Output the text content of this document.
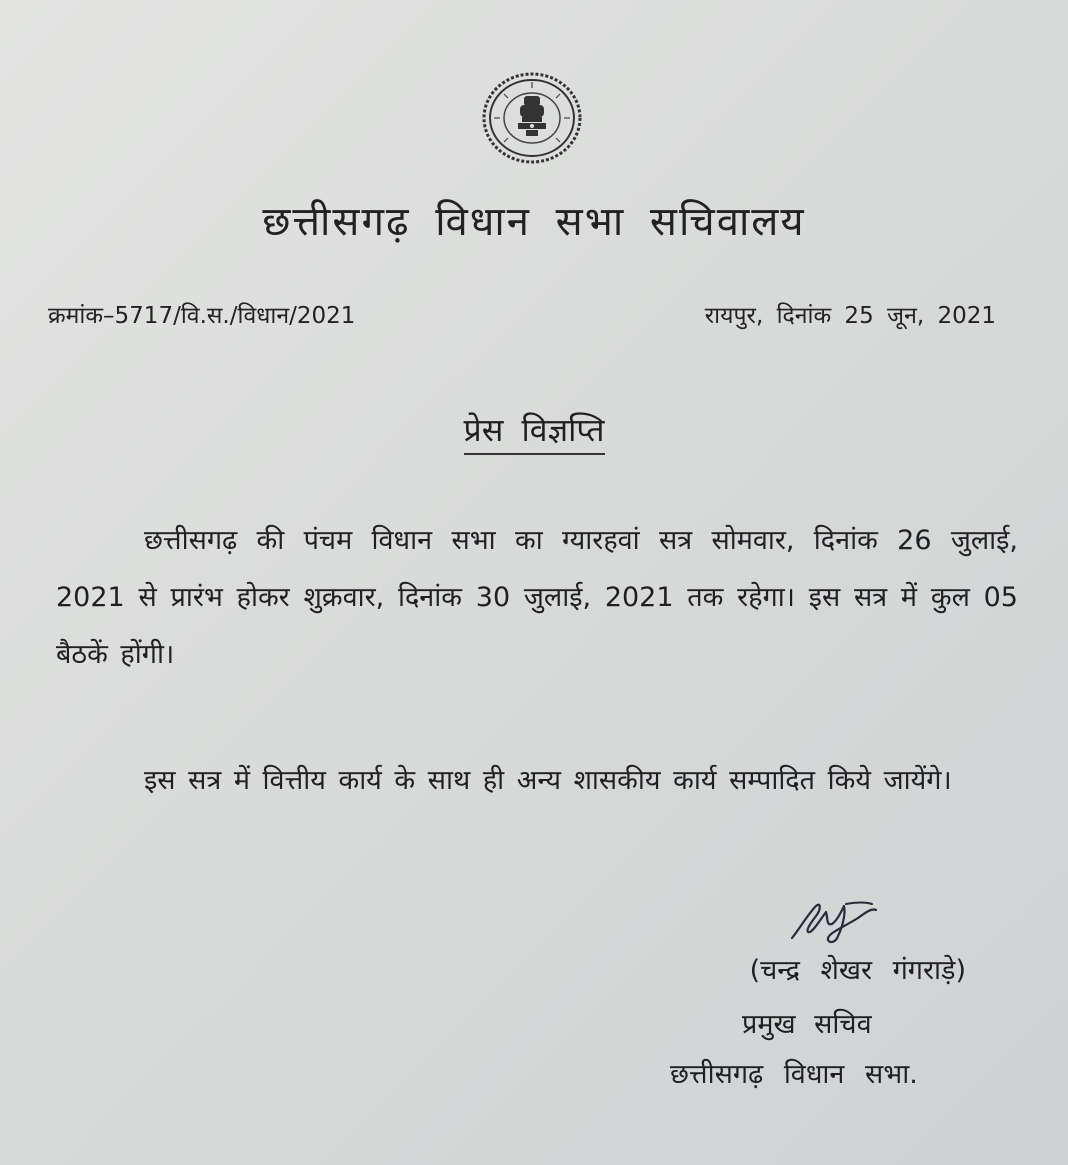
छत्तीसगढ़ विधान सभा सचिवालय
क्रमांक–5717/वि.स./विधान/2021	रायपुर, दिनांक 25 जून, 2021
प्रेस विज्ञप्ति
छत्तीसगढ़ की पंचम विधान सभा का ग्यारहवां सत्र सोमवार, दिनांक 26 जुलाई, 2021 से प्रारंभ होकर शुक्रवार, दिनांक 30 जुलाई, 2021 तक रहेगा। इस सत्र में कुल 05 बैठकें होंगी।
इस सत्र में वित्तीय कार्य के साथ ही अन्य शासकीय कार्य सम्पादित किये जायेंगे।
(चन्द्र शेखर गंगराड़े)
प्रमुख सचिव
छत्तीसगढ़ विधान सभा.
